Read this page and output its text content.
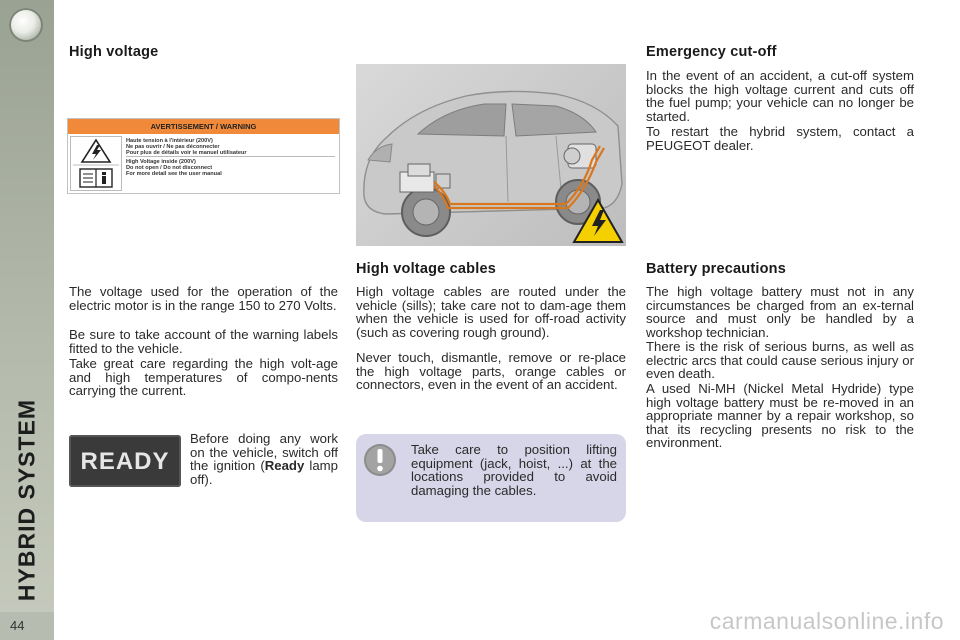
HYBRID SYSTEM
44
High voltage
AVERTISSEMENT / WARNING
Haute tension à l'intérieur (200V)
Ne pas ouvrir / Ne pas déconnecter
Pour plus de détails voir le manuel utilisateur
High Voltage inside (200V)
Do not open / Do not disconnect
For more detail see the user manual

The voltage used for the operation of the electric motor is in the range 150 to 270 Volts.

Be sure to take account of the warning labels fitted to the vehicle.

Take great care regarding the high volt-age and high temperatures of compo-nents carrying the current.

READY

Before doing any work on the vehicle, switch off the ignition (Ready lamp off).

High voltage cables

High voltage cables are routed under the vehicle (sills); take care not to dam-age them when the vehicle is used for off-road activity (such as covering rough ground).

Never touch, dismantle, remove or re-place the high voltage parts, orange cables or connectors, even in the event of an accident.

Take care to position lifting equipment (jack, hoist, ...) at the locations provided to avoid damaging the cables.
Emergency cut-off

In the event of an accident, a cut-off system blocks the high voltage current and cuts off the fuel pump; your vehicle can no longer be started.

To restart the hybrid system, contact a PEUGEOT dealer.

Battery precautions

The high voltage battery must not in any circumstances be charged from an ex-ternal source and must only be handled by a workshop technician.

There is the risk of serious burns, as well as electric arcs that could cause serious injury or even death.

A used Ni-MH (Nickel Metal Hydride) type high voltage battery must be re-moved in an appropriate manner by a repair workshop, so that its recycling presents no risk to the environment.

carmanualsonline.info
